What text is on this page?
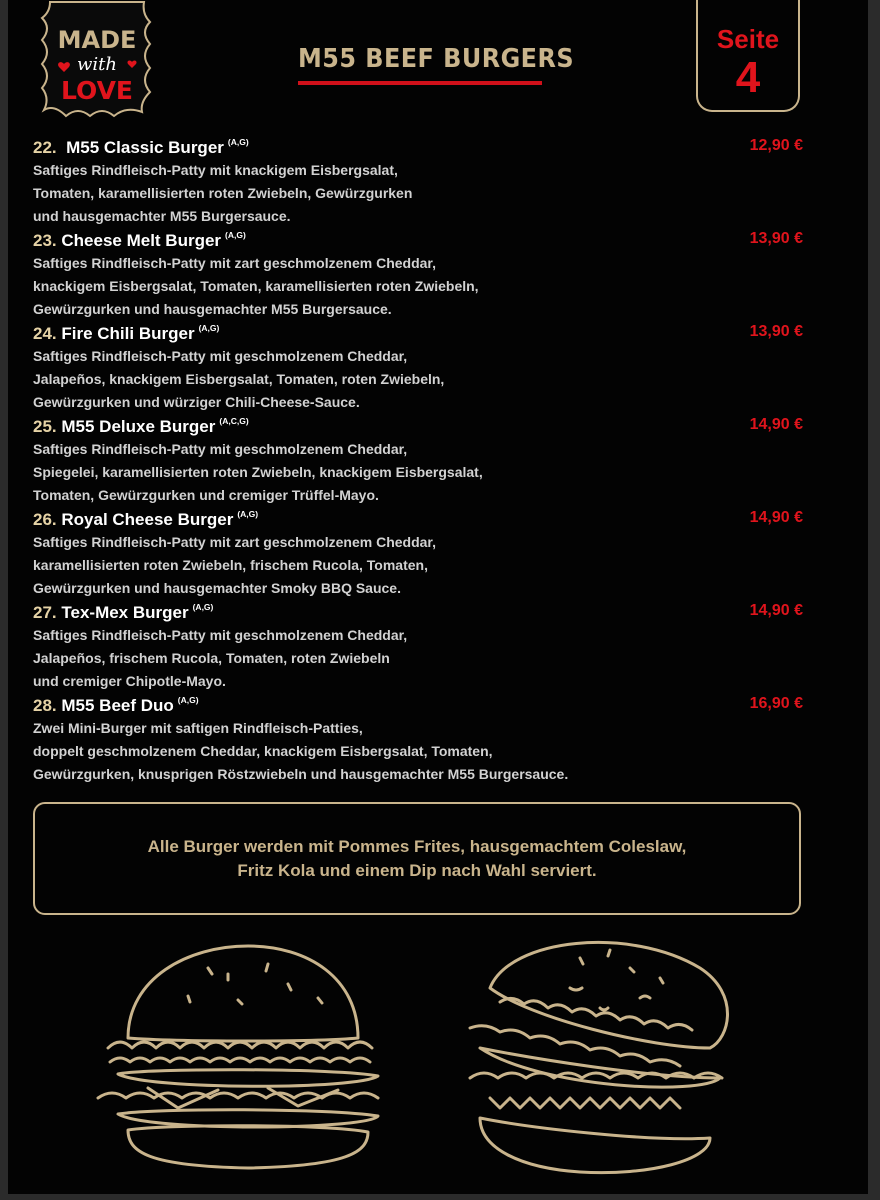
MADE
with
LOVE
M55 BEEF BURGERS
Seite
4
22. M55 Classic Burger $^{(A,G)}$	12,90 €
Saftiges Rindfleisch-Patty mit knackigem Eisbergsalat,
Tomaten, karamellisierten roten Zwiebeln, Gewürzgurken
und hausgemachter M55 Burgersauce.
23. Cheese Melt Burger $^{(A,G)}$	13,90 €
Saftiges Rindfleisch-Patty mit zart geschmolzenem Cheddar,
knackigem Eisbergsalat, Tomaten, karamellisierten roten Zwiebeln,
Gewürzgurken und hausgemachter M55 Burgersauce.
24. Fire Chili Burger $^{(A,G)}$	13,90 €
Saftiges Rindfleisch-Patty mit geschmolzenem Cheddar,
Jalapeños, knackigem Eisbergsalat, Tomaten, roten Zwiebeln,
Gewürzgurken und würziger Chili-Cheese-Sauce.
25. M55 Deluxe Burger $^{(A,C,G)}$	14,90 €
Saftiges Rindfleisch-Patty mit geschmolzenem Cheddar,
Spiegelei, karamellisierten roten Zwiebeln, knackigem Eisbergsalat,
Tomaten, Gewürzgurken und cremiger Trüffel-Mayo.
26. Royal Cheese Burger $^{(A,G)}$	14,90 €
Saftiges Rindfleisch-Patty mit zart geschmolzenem Cheddar,
karamellisierten roten Zwiebeln, frischem Rucola, Tomaten,
Gewürzgurken und hausgemachter Smoky BBQ Sauce.
27. Tex-Mex Burger $^{(A,G)}$	14,90 €
Saftiges Rindfleisch-Patty mit geschmolzenem Cheddar,
Jalapeños, frischem Rucola, Tomaten, roten Zwiebeln
und cremiger Chipotle-Mayo.
28. M55 Beef Duo $^{(A,G)}$	16,90 €
Zwei Mini-Burger mit saftigen Rindfleisch-Patties,
doppelt geschmolzenem Cheddar, knackigem Eisbergsalat, Tomaten,
Gewürzgurken, knusprigen Röstzwiebeln und hausgemachter M55 Burgersauce.
Alle Burger werden mit Pommes Frites, hausgemachtem Coleslaw,
Fritz Kola und einem Dip nach Wahl serviert.
